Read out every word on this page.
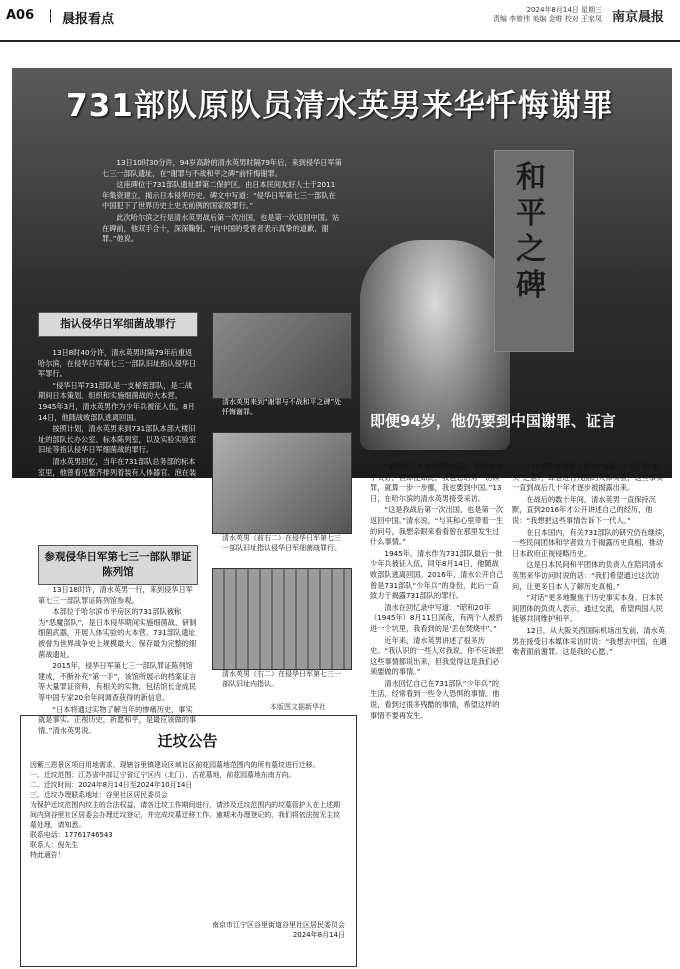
A06 晨报看点
2024年8月14日 星期三
责编 李曾伟 美编 金维 校对 王家凤 南京晨报
和平之碑
731部队原队员清水英男来华忏悔谢罪

13日10时30分许，94岁高龄的清水英男时隔79年后，来到侵华日军第七三一部队遗址，在“谢罪与不战和平之碑”前忏悔谢罪。

这座碑位于731部队遗址群第二保护区，由日本民间友好人士于2011年集资建立，揭示日本侵华历史。碑文中写道：“侵华日军第七三一部队在中国犯下了世界历史上史无前例的国家级罪行。”

此次哈尔滨之行是清水英男战后第一次出国，也是第一次返回中国。站在碑前，他双手合十，深深鞠躬。“向中国的受害者表示真挚的道歉、谢罪。”他说。

指认侵华日军细菌战罪行

13日8时40分许，清水英男时隔79年后重返哈尔滨，在侵华日军第七三一部队旧址指认侵华日军罪行。

“侵华日军731部队是一支秘密部队，是二战期间日本策划、组织和实施细菌战的大本营。1945年3月，清水英男作为少年兵被征入伍，8月14日，他随战败部队逃离回国。

按照计划，清水英男来到731部队本部大楼旧址的部队长办公室、标本陈列室，以及实验实验室旧址等指认侵华日军细菌战的罪行。

清水英男回忆，当年在731部队总务部的标本室里，他曾看见整齐排列着装有人体器官、泡在装

参观侵华日军第七三一部队罪证陈列馆

13日18时许，清水英男一行，来到侵华日军第七三一部队罪证陈列馆参观。

本部位于哈尔滨市平房区的731部队被称为“恶魔部队”，是日本侵华期间实施细菌战、研制细菌武器，开展人体实验的大本营。731部队遗址被誉为世界战争史上规模最大、保存最为完整的细菌战遗址。

2015年，侵华日军第七三一部队罪证陈列馆建成，不断补充“第一手”，该馆所展示的档案证言等大量罪证资料，有相关的实物，包括馆长金成民等中国专家20余年间调查获得的新信息。

“日本将通过实物了解当年的惨痛历史，事实就是事实。正视历史，祈愿和平，是最应该做的事情。”清水英男说。

清水英男来到“谢罪与不战和平之碑”处忏悔谢罪。
清水英男（前右二）在侵华日军第七三一部队旧址指认侵华日军细菌战罪行。
清水英男（右二）在侵华日军第七三一部队旧址内指认。
本版图文据新华社
即便94岁，他仍要到中国谢罪、证言

“虽然有日本社会舆论反对，我身体也不太好，但即便如此，我也想给对一切赎罪，就算一步一步挪，我也要到中国。”13日，在哈尔滨的清水英男接受采访。

“这是我战后第一次出国，也是第一次返回中国。”清水说，“与其和心里带着一生的问号，我想亲眼来看看曾在那里发生过什么事情。”

1945年，清水作为731部队最后一批少年兵被征入伍，同年8月14日，他随战败部队逃离回国。2016年，清水公开自己曾是731部队“少年兵”的身份，此后一直致力于揭露731部队的罪行。

清水在回忆录中写道：“昭和20年（1945年）8月11日深夜，有两个人被扔进一个坑里，我看到的是‘丢在焚烧中’。”

近年来，清水英男讲述了很多历史。“我认识的一些人对我说，你不应该把这些事情都说出来，但我觉得这是我们必须要做的事情。”

清水回忆自己在731部队“少年兵”的生活，经常看到一些令人恐惧的事情。他说，看到过很多残酷的事情，希望这样的事情不要再发生。

731部队将被害人称为“马路大”（日语“木头”之意），肆意进行残酷的人体实验，这些事实一直到战后几十年才逐步被揭露出来。

在战后的数十年间，清水英男一直保持沉默，直到2016年才公开讲述自己的经历，他说：“我想把这些事情告诉下一代人。”

在日本国内，有关731部队的研究仍在继续，一些民间团体和学者致力于揭露历史真相，推动日本政府正视侵略历史。

这是日本民间和平团体的负责人在陪同清水英男来华访问时说的话：“我们希望通过这次访问，让更多日本人了解历史真相。”

“对话”更多地聚焦于历史事实本身。日本民间团体的负责人表示，通过交流，希望两国人民能够共同维护和平。

12日，从大阪关西国际机场出发前，清水英男在接受日本媒体采访时说：“我想去中国，在遇难者面前谢罪。这是我的心愿。”

迁坟公告

因紫三恩景区项目用地需求，现辖谷里镇建设区域社区前花园墓地范围内的所有墓坟进行迁移。

一、迁坟范围：江苏省中部辽宁省辽宁区内（北门）、古花墓地，前花园墓地东南方向。

二、迁坟时间：2024年8月14日至2024年10月14日

三、迁坟办理联系地址：谷里社区居民委员会

为保护迁坟范围内坟主的合法权益，请各迁坟工作期间进行，请涉及迁坟范围内的坟墓管护人在上述期间内到谷里社区居委会办理迁坟登记，并完成坟墓迁移工作。逾期未办理登记的，我们将依法按无主坟墓处理，请知悉。

联系电话：17761746543

联系人：倪先生

特此通告！

南京市江宁区谷里街道谷里社区居民委员会
2024年8月14日
